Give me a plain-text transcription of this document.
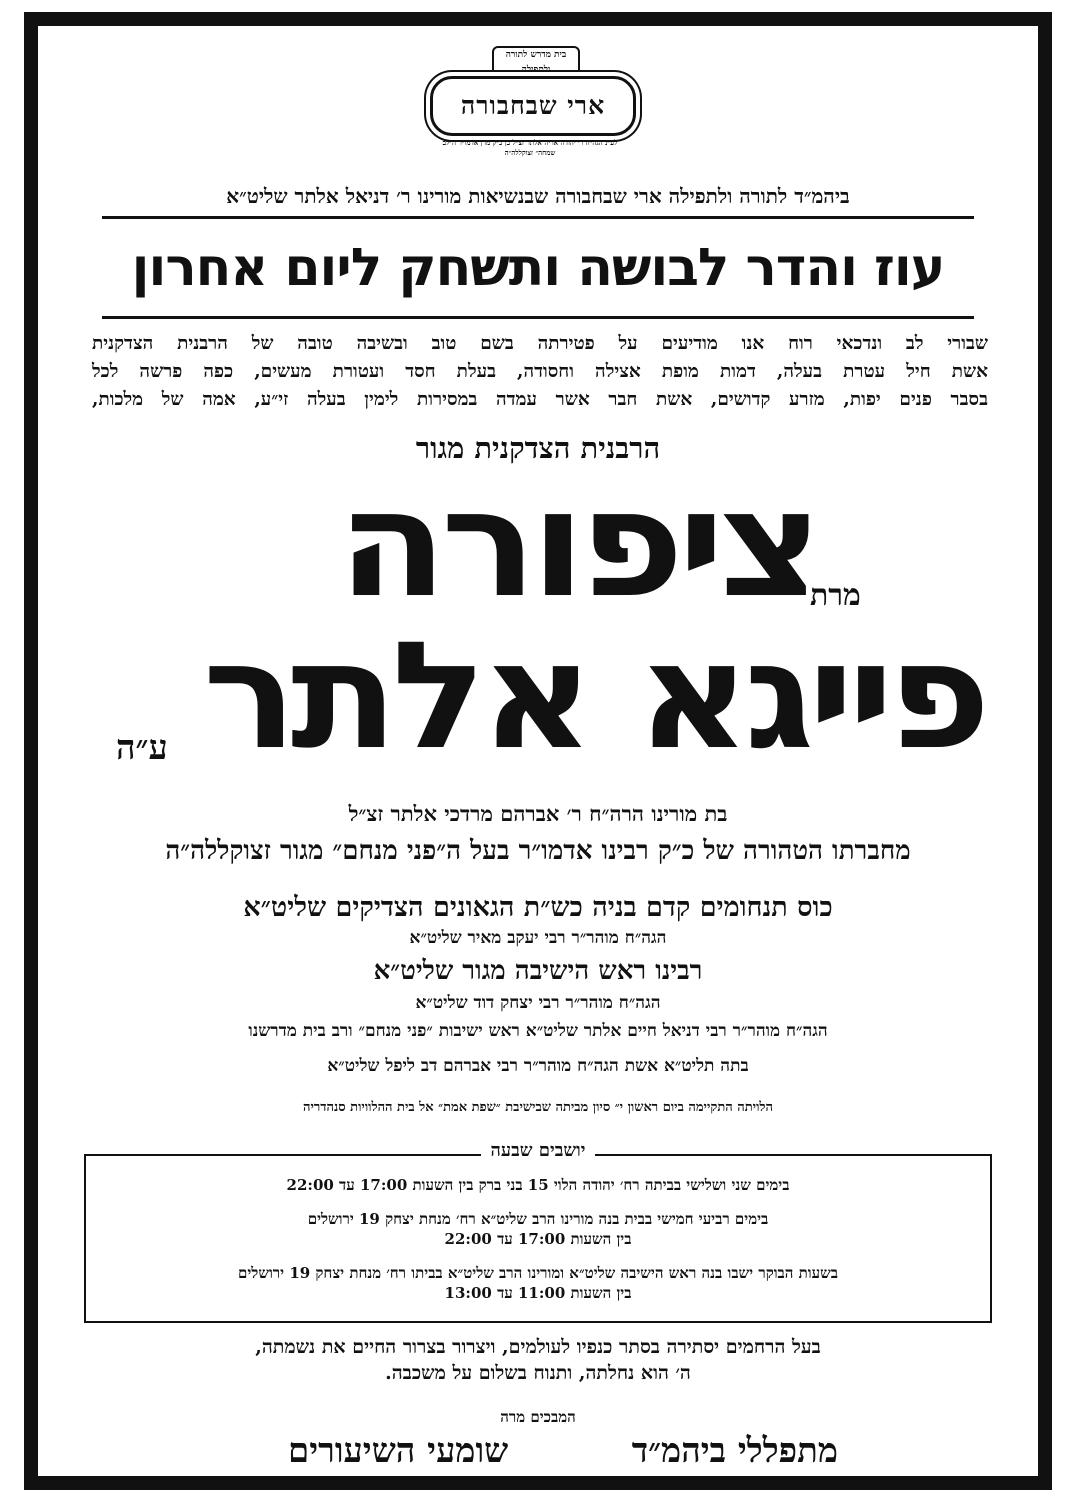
בית מדרש לתורה ולתפילה
ארי שבחבורה
לע״נ הגה״ח ר׳ יהודה אריה אלתר זצ״ל בן כ״ק מרן אדמו״ר ה״לב שמחה״ זצוקללה״ה
ביהמ״ד לתורה ולתפילה ארי שבחבורה שבנשיאות מורינו ר׳ דניאל אלתר שליט״א
עוז והדר לבושה ותשחק ליום אחרון
שבורי לב ונדכאי רוח אנו מודיעים על פטירתה בשם טוב ובשיבה טובה של הרבנית הצדקנית
אשת חיל עטרת בעלה, דמות מופת אצילה וחסודה, בעלת חסד ועטורת מעשים, כפה פרשה לכל
בסבר פנים יפות, מזרע קדושים, אשת חבר אשר עמדה במסירות לימין בעלה זי״ע, אמה של מלכות,
הרבנית הצדקנית מגור
מרת
ציפורה
פייגא אלתר
ע״ה
בת מורינו הרה״ח ר׳ אברהם מרדכי אלתר זצ״ל
מחברתו הטהורה של כ״ק רבינו אדמו״ר בעל ה״פני מנחם״ מגור זצוקללה״ה
כוס תנחומים קדם בניה כש״ת הגאונים הצדיקים שליט״א
הגה״ח מוהר״ר רבי יעקב מאיר שליט״א
רבינו ראש הישיבה מגור שליט״א
הגה״ח מוהר״ר רבי יצחק דוד שליט״א
הגה״ח מוהר״ר רבי דניאל חיים אלתר שליט״א ראש ישיבות ״פני מנחם״ ורב בית מדרשנו
בתה תליט״א אשת הגה״ח מוהר״ר רבי אברהם דב ליפל שליט״א
הלויתה התקיימה ביום ראשון י״ סיון מביתה שבישיבת ״שפת אמת״ אל בית ההלוויות סנהדריה
יושבים שבעה
בימים שני ושלישי בביתה רח׳ יהודה הלוי 15 בני ברק בין השעות 17:00 עד 22:00
בימים רביעי חמישי בבית בנה מורינו הרב שליט״א רח׳ מנחת יצחק 19 ירושלים
בין השעות 17:00 עד 22:00
בשעות הבוקר ישבו בנה ראש הישיבה שליט״א ומורינו הרב שליט״א בביתו רח׳ מנחת יצחק 19 ירושלים
בין השעות 11:00 עד 13:00
בעל הרחמים יסתירה בסתר כנפיו לעולמים, ויצרור בצרור החיים את נשמתה,
ה׳ הוא נחלתה, ותנוח בשלום על משכבה.
המבכים מרה
מתפללי ביהמ״ד
שומעי השיעורים
